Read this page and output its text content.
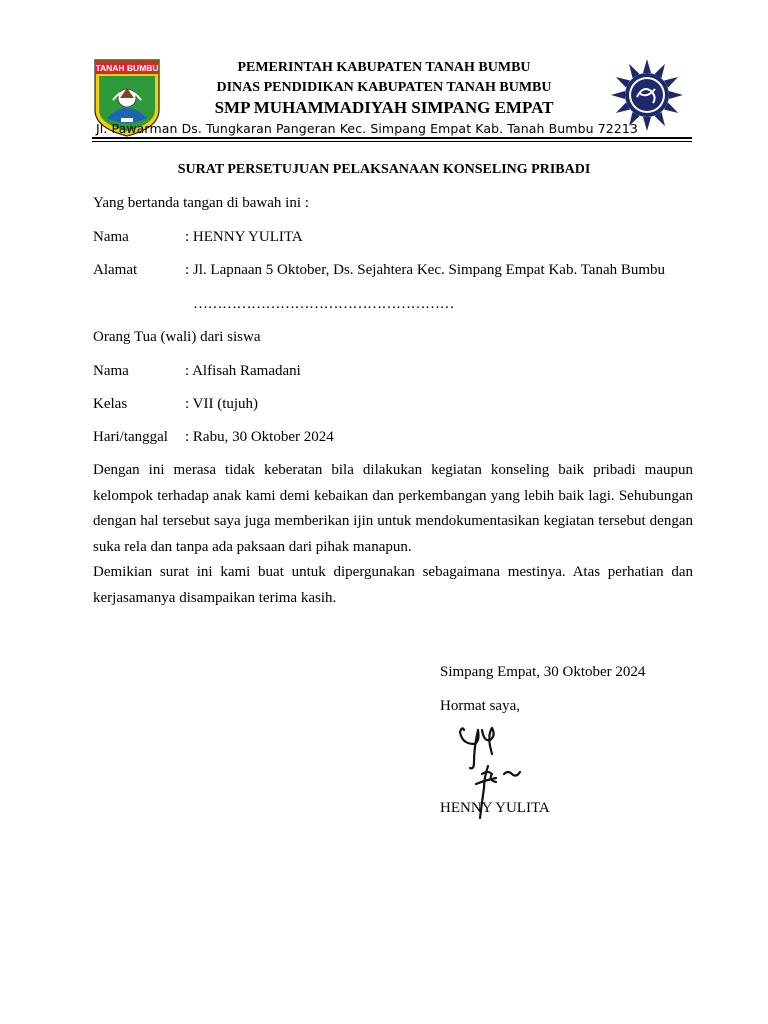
TANAH BUMBU	PEMERINTAH KABUPATEN TANAH BUMBU
DINAS PENDIDIKAN KABUPATEN TANAH BUMBU
SMP MUHAMMADIYAH SIMPANG EMPAT
Jl. Pawarman Ds. Tungkaran Pangeran Kec. Simpang Empat Kab. Tanah Bumbu 72213
SURAT PERSETUJUAN PELAKSANAAN KONSELING PRIBADI
Yang bertanda tangan di bawah ini :
Nama	: HENNY YULITA
Alamat	: Jl. Lapnaan 5 Oktober, Ds. Sejahtera Kec. Simpang Empat Kab. Tanah Bumbu
………………………………………………
Orang Tua (wali) dari siswa
Nama	: Alfisah Ramadani
Kelas	: VII (tujuh)
Hari/tanggal : Rabu, 30 Oktober 2024
Dengan ini merasa tidak keberatan bila dilakukan kegiatan konseling baik pribadi maupun kelompok terhadap anak kami demi kebaikan dan perkembangan yang lebih baik lagi. Sehubungan dengan hal tersebut saya juga memberikan ijin untuk mendokumentasikan kegiatan tersebut dengan suka rela dan tanpa ada paksaan dari pihak manapun.
Demikian surat ini kami buat untuk dipergunakan sebagaimana mestinya. Atas perhatian dan kerjasamanya disampaikan terima kasih.
Simpang Empat, 30 Oktober 2024
Hormat saya,
HENNY YULITA
